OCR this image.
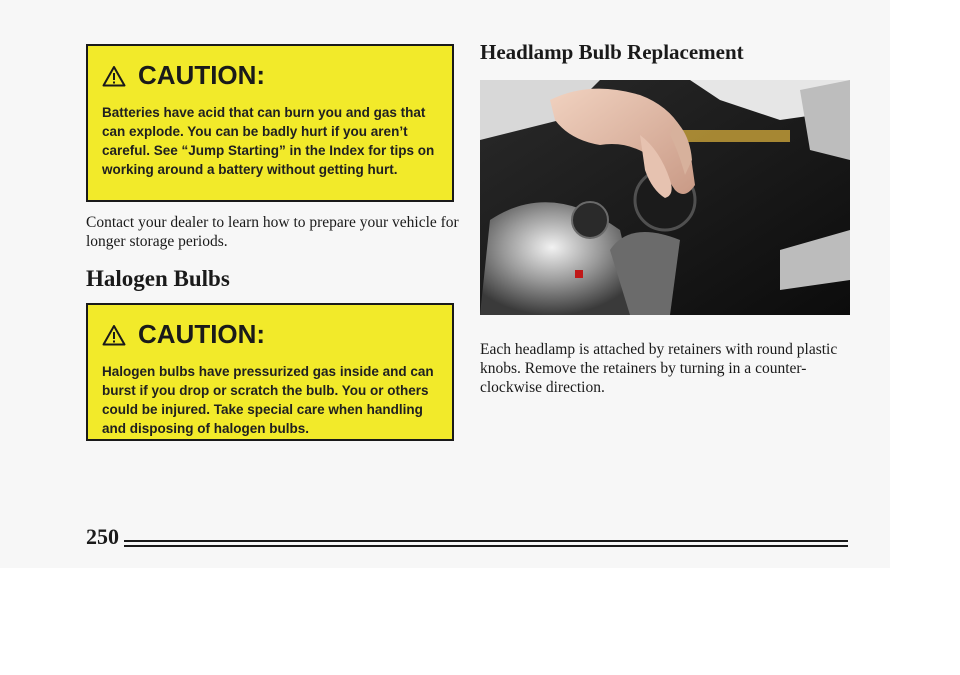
CAUTION:
Batteries have acid that can burn you and gas that can explode. You can be badly hurt if you aren’t careful. See “Jump Starting” in the Index for tips on working around a battery without getting hurt.
Contact your dealer to learn how to prepare your vehicle for longer storage periods.
Halogen Bulbs
CAUTION:
Halogen bulbs have pressurized gas inside and can burst if you drop or scratch the bulb. You or others could be injured. Take special care when handling and disposing of halogen bulbs.
Headlamp Bulb Replacement
Each headlamp is attached by retainers with round plastic knobs. Remove the retainers by turning in a counter-clockwise direction.
250
